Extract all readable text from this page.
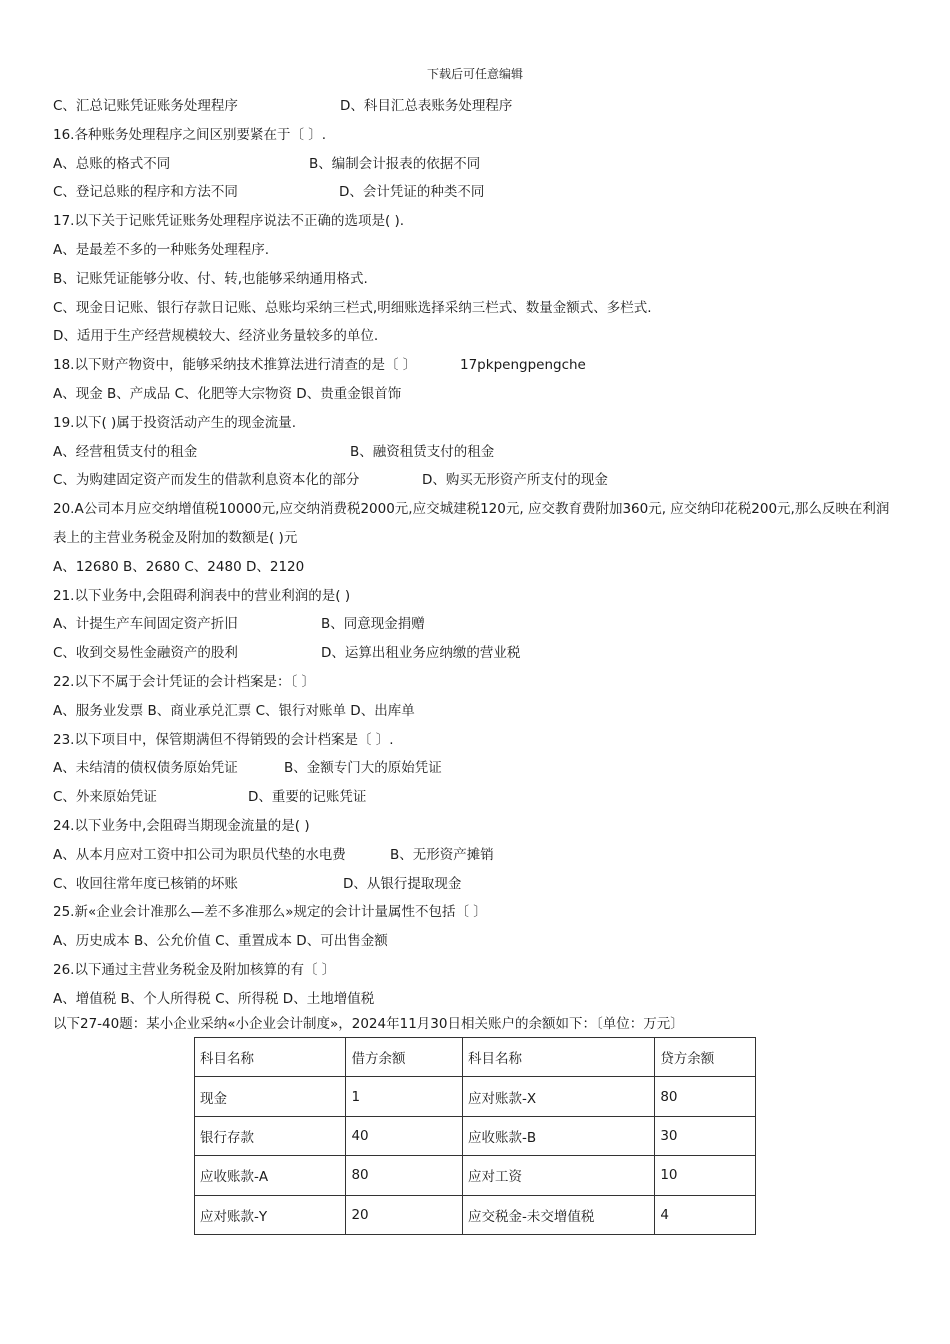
下载后可任意编辑
C、汇总记账凭证账务处理程序	D、科目汇总表账务处理程序
16.各种账务处理程序之间区别要紧在于〔 〕.
A、总账的格式不同	B、编制会计报表的依据不同
C、登记总账的程序和方法不同	D、会计凭证的种类不同
17.以下关于记账凭证账务处理程序说法不正确的选项是( ).
A、是最差不多的一种账务处理程序.
B、记账凭证能够分收、付、转,也能够采纳通用格式.
C、现金日记账、银行存款日记账、总账均采纳三栏式,明细账选择采纳三栏式、数量金额式、多栏式.
D、适用于生产经营规模较大、经济业务量较多的单位.
18.以下财产物资中，能够采纳技术推算法进行清查的是〔 〕	17pkpengpengche
A、现金 B、产成品 C、化肥等大宗物资 D、贵重金银首饰
19.以下( )属于投资活动产生的现金流量.
A、经营租赁支付的租金	B、融资租赁支付的租金
C、为购建固定资产而发生的借款利息资本化的部分	D、购买无形资产所支付的现金
20.A公司本月应交纳增值税10000元,应交纳消费税2000元,应交城建税120元, 应交教育费附加360元, 应交纳印花税200元,那么反映在利润表上的主营业务税金及附加的数额是( )元
A、12680 B、2680 C、2480 D、2120
21.以下业务中,会阻碍利润表中的营业利润的是( )
A、计提生产车间固定资产折旧	B、同意现金捐赠
C、收到交易性金融资产的股利	D、运算出租业务应纳缴的营业税
22.以下不属于会计凭证的会计档案是：〔 〕
A、服务业发票 B、商业承兑汇票 C、银行对账单 D、出库单
23.以下项目中，保管期满但不得销毁的会计档案是〔 〕.
A、未结清的债权债务原始凭证	B、金额专门大的原始凭证
C、外来原始凭证	D、重要的记账凭证
24.以下业务中,会阻碍当期现金流量的是( )
A、从本月应对工资中扣公司为职员代垫的水电费	B、无形资产摊销
C、收回往常年度已核销的坏账	D、从银行提取现金
25.新«企业会计准那么—差不多准那么»规定的会计计量属性不包括〔 〕
A、历史成本 B、公允价值 C、重置成本 D、可出售金额
26.以下通过主营业务税金及附加核算的有〔 〕
A、增值税 B、个人所得税 C、所得税 D、土地增值税
以下27-40题：某小企业采纳«小企业会计制度»，2024年11月30日相关账户的余额如下：〔单位：万元〕
科目名称	借方余额	科目名称	贷方余额
现金	1	应对账款-X	80
银行存款	40	应收账款-B	30
应收账款-A	80	应对工资	10
应对账款-Y	20	应交税金-未交增值税	4
